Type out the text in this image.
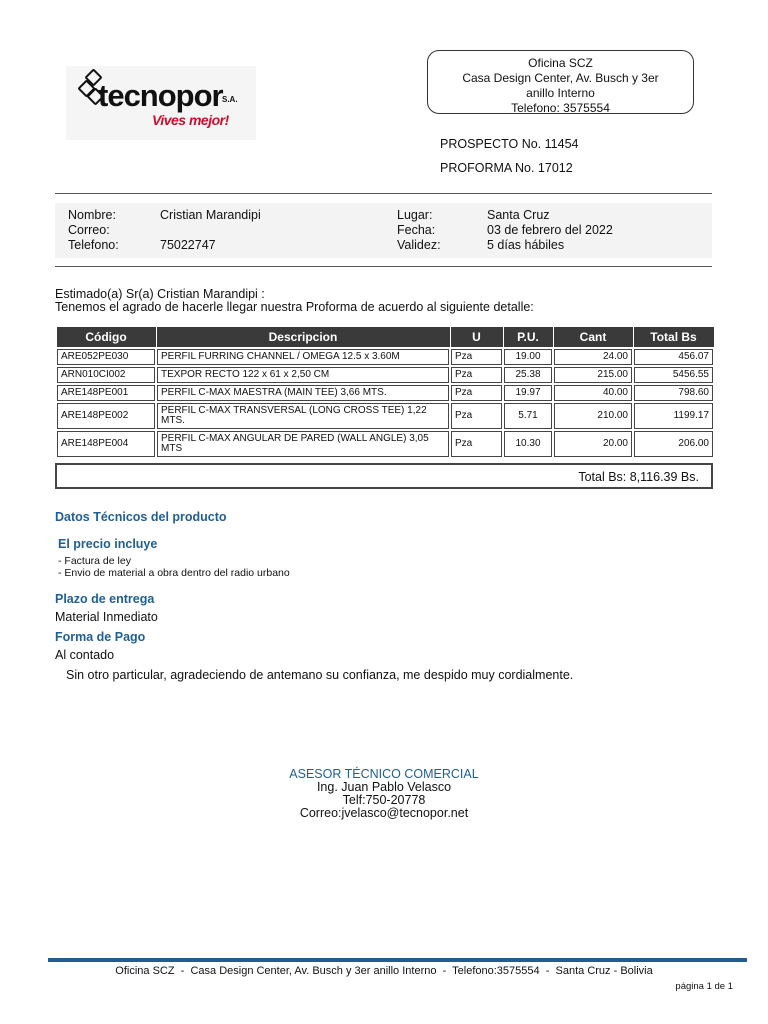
tecnopor S.A.
Vives mejor!
Oficina SCZ
Casa Design Center, Av. Busch y 3er
anillo Interno
Telefono: 3575554
PROSPECTO No. 11454
PROFORMA No. 17012
Nombre:	Cristian Marandipi
Correo:
Telefono:	75022747
Lugar:	Santa Cruz
Fecha:	03 de febrero del 2022
Validez:	5 días hábiles
Estimado(a) Sr(a) Cristian Marandipi :
Tenemos el agrado de hacerle llegar nuestra Proforma de acuerdo al siguiente detalle:
Código	Descripcion	U	P.U.	Cant	Total Bs
ARE052PE030	PERFIL FURRING CHANNEL / OMEGA 12.5 x 3.60M	Pza	19.00	24.00	456.07
ARN010CI002	TEXPOR RECTO 122 x 61 x 2,50 CM	Pza	25.38	215.00	5456.55
ARE148PE001	PERFIL C-MAX MAESTRA (MAIN TEE) 3,66 MTS.	Pza	19.97	40.00	798.60
ARE148PE002	PERFIL C-MAX TRANSVERSAL (LONG CROSS TEE) 1,22 MTS.	Pza	5.71	210.00	1199.17
ARE148PE004	PERFIL C-MAX ANGULAR DE PARED (WALL ANGLE) 3,05 MTS	Pza	10.30	20.00	206.00
Total Bs: 8,116.39 Bs.
Datos Técnicos del producto
El precio incluye
- Factura de ley
- Envio de material a obra dentro del radio urbano
Plazo de entrega
Material Inmediato
Forma de Pago
Al contado
Sin otro particular, agradeciendo de antemano su confianza, me despido muy cordialmente.
ASESOR TÉCNICO COMERCIAL
Ing. Juan Pablo Velasco
Telf:750-20778
Correo:jvelasco@tecnopor.net
Oficina SCZ  -  Casa Design Center, Av. Busch y 3er anillo Interno  -  Telefono:3575554  -  Santa Cruz - Bolivia
página 1 de 1
